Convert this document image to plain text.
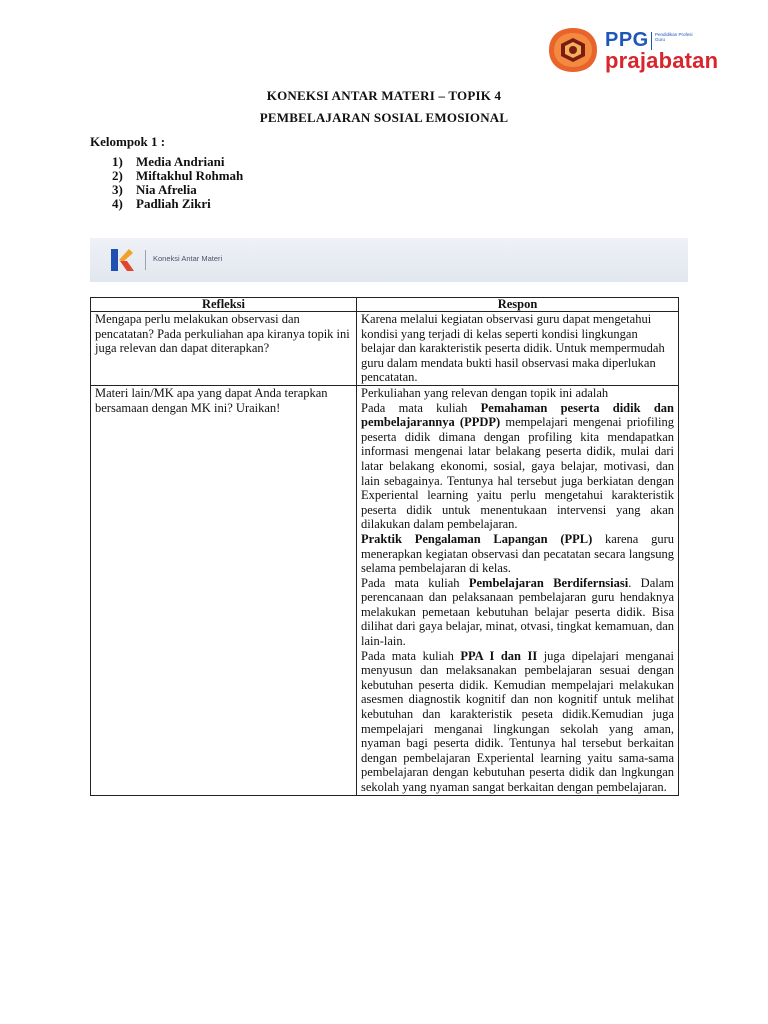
PPG Pendidikan Profesi Guru
prajabatan
KONEKSI ANTAR MATERI – TOPIK 4
PEMBELAJARAN SOSIAL EMOSIONAL
Kelompok 1 :
1) Media Andriani
2) Miftakhul Rohmah
3) Nia Afrelia
4) Padliah Zikri
Koneksi Antar Materi
Refleksi	Respon
Mengapa perlu melakukan observasi dan pencatatan? Pada perkuliahan apa kiranya topik ini juga relevan dan dapat diterapkan?	Karena melalui kegiatan observasi guru dapat mengetahui kondisi yang terjadi di kelas seperti kondisi lingkungan belajar dan karakteristik peserta didik. Untuk mempermudah guru dalam mendata bukti hasil observasi maka diperlukan pencatatan.
Materi lain/MK apa yang dapat Anda terapkan bersamaan dengan MK ini? Uraikan!	Perkuliahan yang relevan dengan topik ini adalah
Pada mata kuliah Pemahaman peserta didik dan pembelajarannya (PPDP) mempelajari mengenai priofiling peserta didik dimana dengan profiling kita mendapatkan informasi mengenai latar belakang peserta didik, mulai dari latar belakang ekonomi, sosial, gaya belajar, motivasi, dan lain sebagainya. Tentunya hal tersebut juga berkiatan dengan Experiental learning yaitu perlu mengetahui karakteristik peserta didik untuk menentukaan intervensi yang akan dilakukan dalam pembelajaran.
Praktik Pengalaman Lapangan (PPL) karena guru menerapkan kegiatan observasi dan pecatatan secara langsung selama pembelajaran di kelas.
Pada mata kuliah Pembelajaran Berdifernsiasi. Dalam perencanaan dan pelaksanaan pembelajaran guru hendaknya melakukan pemetaan kebutuhan belajar peserta didik. Bisa dilihat dari gaya belajar, minat, otvasi, tingkat kemamuan, dan lain-lain.
Pada mata kuliah PPA I dan II juga dipelajari menganai menyusun dan melaksanakan pembelajaran sesuai dengan kebutuhan peserta didik. Kemudian mempelajari melakukan asesmen diagnostik kognitif dan non kognitif untuk melihat kebutuhan dan karakteristik peseta didik.Kemudian juga mempelajari menganai lingkungan sekolah yang aman, nyaman bagi peserta didik. Tentunya hal tersebut berkaitan dengan pembelajaran Experiental learning yaitu sama-sama pembelajaran dengan kebutuhan peserta didik dan lngkungan sekolah yang nyaman sangat berkaitan dengan pembelajaran.
